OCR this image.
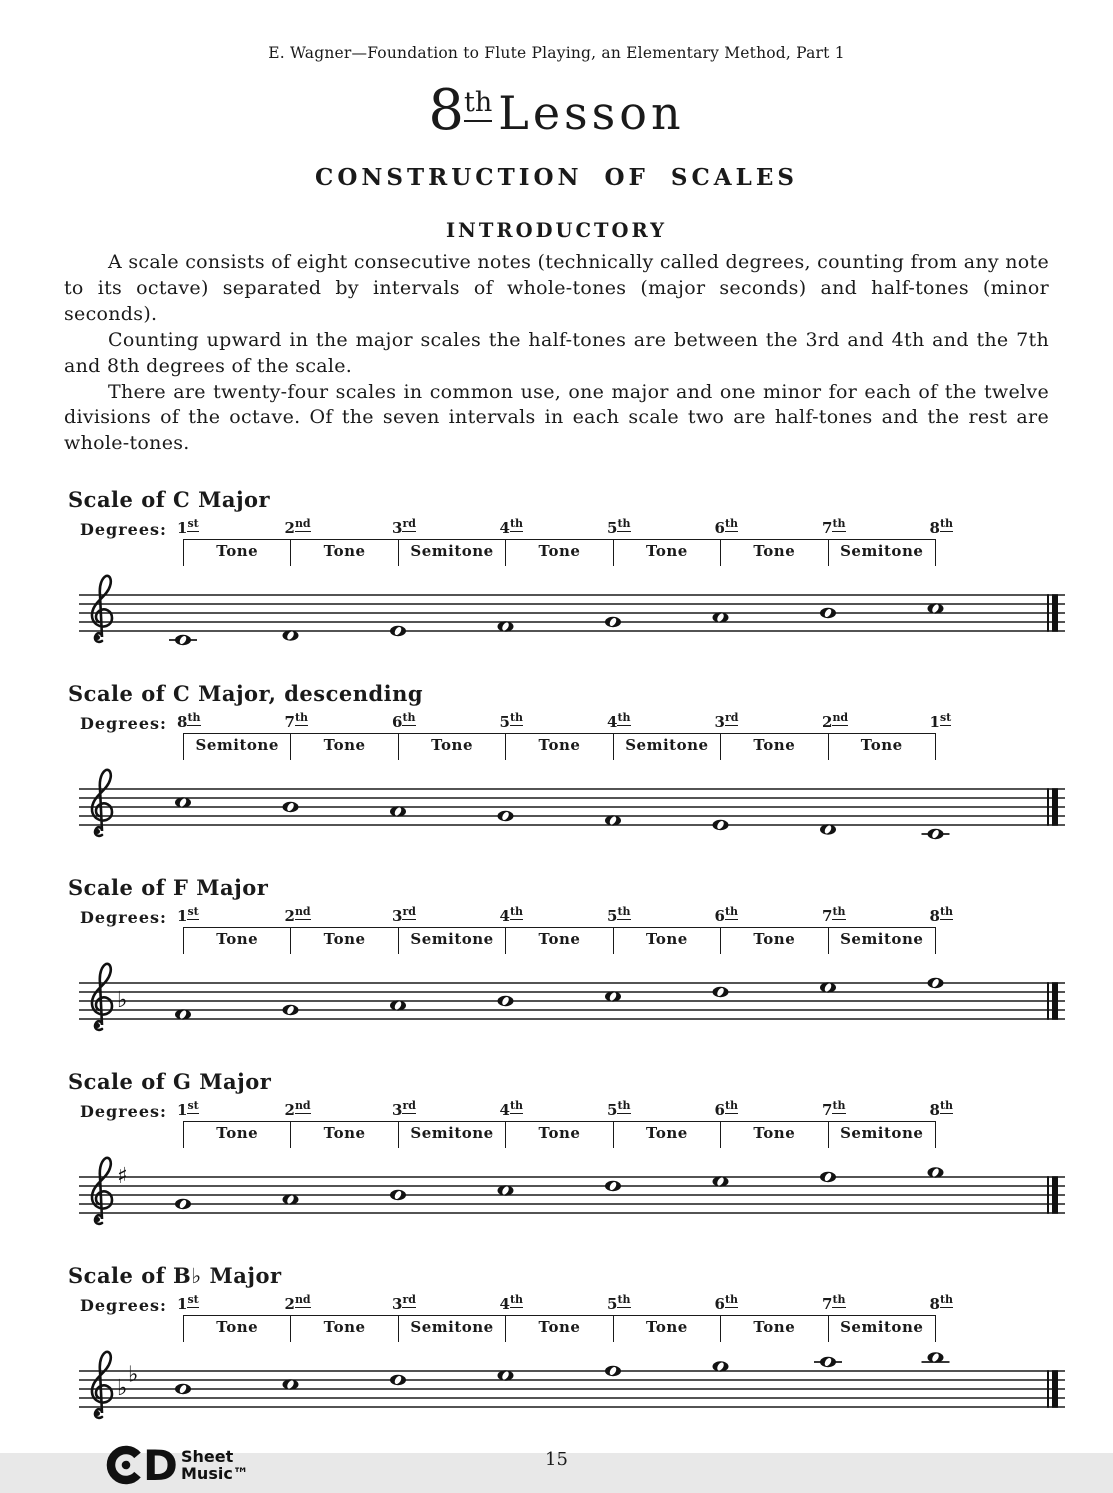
E. Wagner—Foundation to Flute Playing, an Elementary Method, Part 1
8th Lesson
CONSTRUCTION OF SCALES
INTRODUCTORY

A scale consists of eight consecutive notes (technically called degrees, counting from any note to its octave) separated by intervals of whole-tones (major seconds) and half-tones (minor seconds).

Counting upward in the major scales the half-tones are between the 3rd and 4th and the 7th and 8th degrees of the scale.

There are twenty-four scales in common use, one major and one minor for each of the twelve divisions of the octave. Of the seven intervals in each scale two are half-tones and the rest are whole-tones.

Scale of C Major
Degrees: 1st	2nd	3rd	4th	5th	6th	7th	8th
Tone	Tone	Semitone	Tone	Tone	Tone	Semitone
Scale of C Major, descending
Degrees: 8th	7th	6th	5th	4th	3rd	2nd	1st
Semitone	Tone	Tone	Tone	Semitone	Tone	Tone
Scale of F Major
Degrees: 1st	2nd	3rd	4th	5th	6th	7th	8th
Tone	Tone	Semitone	Tone	Tone	Tone	Semitone
♭
Scale of G Major
Degrees: 1st	2nd	3rd	4th	5th	6th	7th	8th
Tone	Tone	Semitone	Tone	Tone	Tone	Semitone
♯
Scale of B♭ Major
Degrees: 1st	2nd	3rd	4th	5th	6th	7th	8th
Tone	Tone	Semitone	Tone	Tone	Tone	Semitone
♭
♭
D Sheet
Music™
15
